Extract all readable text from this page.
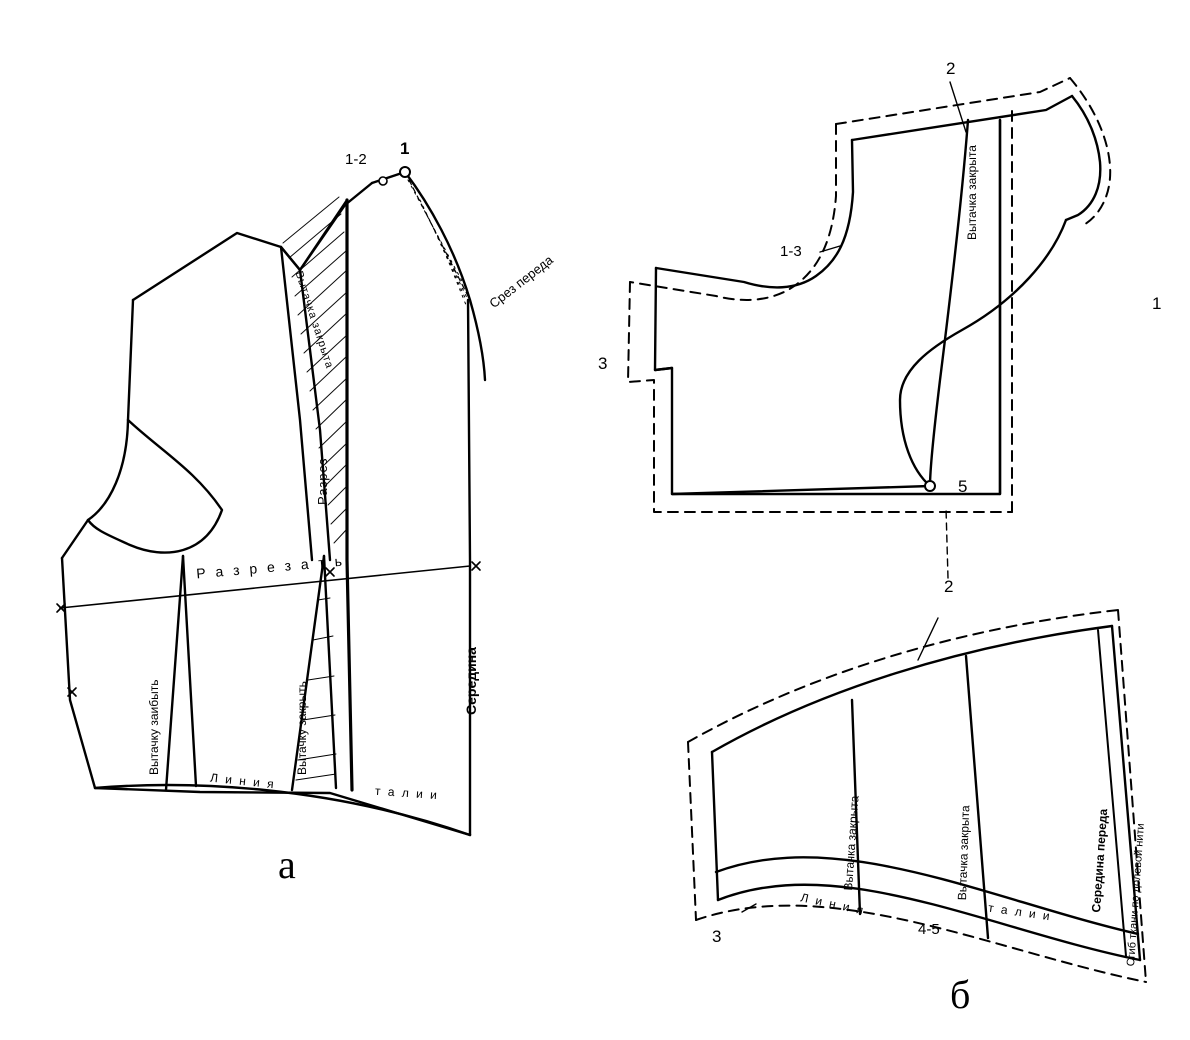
1-2
1
Вытачка закрыта
Разрез
Срез переда
Р а з р е з а т ь
Вытачку заибыть	Вытачку закрыть
Середина
Л и н и я
т а л и и
а
2
1-3
3
1
5
2
Вытачка закрыта
3	4-5
Вытачка закрыта	Вытачка закрыта	Середина переда Сгиб ткани по долевой нити
Л и н и я	т а л и и
б
